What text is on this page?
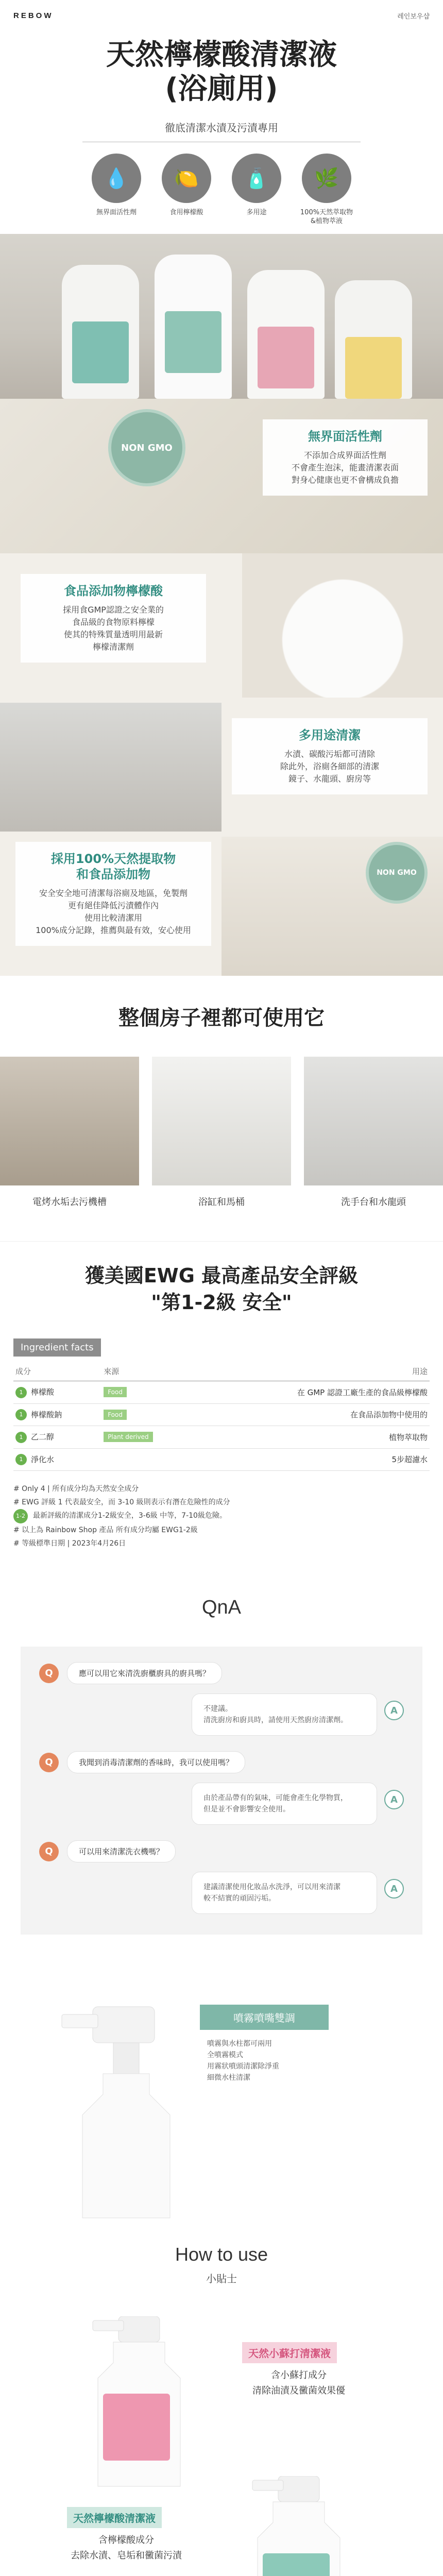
REBOW	레인보우샵
天然檸檬酸清潔液
(浴廁用)
徹底清潔水漬及污漬專用
💧
無界面活性劑
🍋
食用檸檬酸
🧴
多用途
🌿
100%天然萃取物
&植物萃液
NON GMO
無界面活性劑
不添加合成界面活性劑
不會產生泡沫，能畫清潔表面
對身心健康也更不會構成負擔
食品添加物檸檬酸
採用食GMP認證之安全業的
食品級的食物原料檸檬
使其的特殊質量透明用最新
檸檬清潔劑
多用途清潔
水漬、碳酸污垢都可清除
除此外，浴廁各細部的清潔
鏡子、水龍頭、廚房等
NON GMO
採用100%天然提取物
和食品添加物
安全安全地可清潔每浴廁及地區，免製劑
更有絕佳降低污漬體作內
使用比較清潔用
100%成分記錄，推薦與最有效，安心使用
整個房子裡都可使用它
電烤水垢去污機槽	浴缸和馬桶	洗手台和水龍頭
獲美國EWG 最高產品安全評級
"第1-2級 安全"
Ingredient facts
成分	來源	用途
1 檸檬酸	Food	在 GMP 認證工廠生產的食品級檸檬酸
1 檸檬酸鈉	Food	在食品添加物中使用的
1 乙二醇	Plant derived	植物萃取物
1 淨化水		5步超濾水
# Only 4 | 所有成分均為天然安全成分
# EWG 評級 1 代表最安全，而 3-10 級則表示有潛在危險性的成分
1-2	最新評級的清潔成分1-2級安全，3-6級 中等，7-10級危險。
# 以上為 Rainbow Shop 產品 所有成分均屬 EWG1-2級
# 等級標準日期 | 2023年4月26日
QnA
Q	應可以用它來清洗廚櫃廚具的廚具嗎？
不建議。
清洗廚房和廚具時，請使用天然廚房清潔劑。
A
Q	我聞到消毒清潔劑的香味時，我可以使用嗎？
由於產品帶有的氣味，可能會產生化學物質，
但是並不會影響安全使用。
A
Q	可以用來清潔洗衣機嗎？
建議清潔使用化妝品水洗淨，可以用來清潔
較不結實的頑固污垢。
A
噴霧噴嘴雙調
噴霧與水柱都可兩用
全噴霧模式
用霧狀噴頭清潔除淨重
細微水柱清潔
How to use
小貼士
天然小蘇打清潔液
含小蘇打成分
清除油漬及黴菌效果優
天然檸檬酸清潔液
含檸檬酸成分
去除水漬、皂垢和黴菌污漬
